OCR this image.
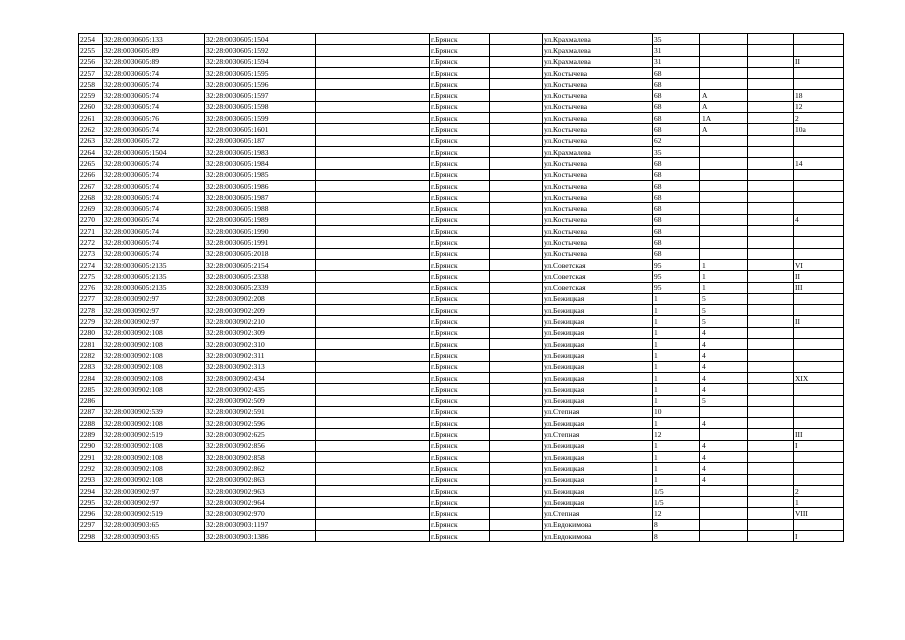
2254	32:28:0030605:133	32:28:0030605:1504		г.Брянск		ул.Крахмалева	35			
2255	32:28:0030605:89	32:28:0030605:1592		г.Брянск		ул.Крахмалева	31			
2256	32:28:0030605:89	32:28:0030605:1594		г.Брянск		ул.Крахмалева	31			II
2257	32:28:0030605:74	32:28:0030605:1595		г.Брянск		ул.Костычева	68			
2258	32:28:0030605:74	32:28:0030605:1596		г.Брянск		ул.Костычева	68			
2259	32:28:0030605:74	32:28:0030605:1597		г.Брянск		ул.Костычева	68	А		18
2260	32:28:0030605:74	32:28:0030605:1598		г.Брянск		ул.Костычева	68	А		12
2261	32:28:0030605:76	32:28:0030605:1599		г.Брянск		ул.Костычева	68	1А		2
2262	32:28:0030605:74	32:28:0030605:1601		г.Брянск		ул.Костычева	68	А		10а
2263	32:28:0030605:72	32:28:0030605:187		г.Брянск		ул.Костычева	62			
2264	32:28:0030605:1504	32:28:0030605:1983		г.Брянск		ул.Крахмалева	35			
2265	32:28:0030605:74	32:28:0030605:1984		г.Брянск		ул.Костычева	68			14
2266	32:28:0030605:74	32:28:0030605:1985		г.Брянск		ул.Костычева	68			
2267	32:28:0030605:74	32:28:0030605:1986		г.Брянск		ул.Костычева	68			
2268	32:28:0030605:74	32:28:0030605:1987		г.Брянск		ул.Костычева	68			
2269	32:28:0030605:74	32:28:0030605:1988		г.Брянск		ул.Костычева	68			
2270	32:28:0030605:74	32:28:0030605:1989		г.Брянск		ул.Костычева	68			4
2271	32:28:0030605:74	32:28:0030605:1990		г.Брянск		ул.Костычева	68			
2272	32:28:0030605:74	32:28:0030605:1991		г.Брянск		ул.Костычева	68			
2273	32:28:0030605:74	32:28:0030605:2018		г.Брянск		ул.Костычева	68			
2274	32:28:0030605:2135	32:28:0030605:2154		г.Брянск		ул.Советская	95	1		VI
2275	32:28:0030605:2135	32:28:0030605:2338		г.Брянск		ул.Советская	95	1		II
2276	32:28:0030605:2135	32:28:0030605:2339		г.Брянск		ул.Советская	95	1		III
2277	32:28:0030902:97	32:28:0030902:208		г.Брянск		ул.Бежицкая	1	5		
2278	32:28:0030902:97	32:28:0030902:209		г.Брянск		ул.Бежицкая	1	5		
2279	32:28:0030902:97	32:28:0030902:210		г.Брянск		ул.Бежицкая	1	5		II
2280	32:28:0030902:108	32:28:0030902:309		г.Брянск		ул.Бежицкая	1	4		
2281	32:28:0030902:108	32:28:0030902:310		г.Брянск		ул.Бежицкая	1	4		
2282	32:28:0030902:108	32:28:0030902:311		г.Брянск		ул.Бежицкая	1	4		
2283	32:28:0030902:108	32:28:0030902:313		г.Брянск		ул.Бежицкая	1	4		
2284	32:28:0030902:108	32:28:0030902:434		г.Брянск		ул.Бежицкая	1	4		XIX
2285	32:28:0030902:108	32:28:0030902:435		г.Брянск		ул.Бежицкая	1	4		
2286		32:28:0030902:509		г.Брянск		ул.Бежицкая	1	5		
2287	32:28:0030902:539	32:28:0030902:591		г.Брянск		ул.Степная	10			
2288	32:28:0030902:108	32:28:0030902:596		г.Брянск		ул.Бежицкая	1	4		
2289	32:28:0030902:519	32:28:0030902:625		г.Брянск		ул.Степная	12			III
2290	32:28:0030902:108	32:28:0030902:856		г.Брянск		ул.Бежицкая	1	4		I
2291	32:28:0030902:108	32:28:0030902:858		г.Брянск		ул.Бежицкая	1	4		
2292	32:28:0030902:108	32:28:0030902:862		г.Брянск		ул.Бежицкая	1	4		
2293	32:28:0030902:108	32:28:0030902:863		г.Брянск		ул.Бежицкая	1	4		
2294	32:28:0030902:97	32:28:0030902:963		г.Брянск		ул.Бежицкая	1/5			2
2295	32:28:0030902:97	32:28:0030902:964		г.Брянск		ул.Бежицкая	1/5			1
2296	32:28:0030902:519	32:28:0030902:970		г.Брянск		ул.Степная	12			VIII
2297	32:28:0030903:65	32:28:0030903:1197		г.Брянск		ул.Евдокимова	8			
2298	32:28:0030903:65	32:28:0030903:1386		г.Брянск		ул.Евдокимова	8			I
